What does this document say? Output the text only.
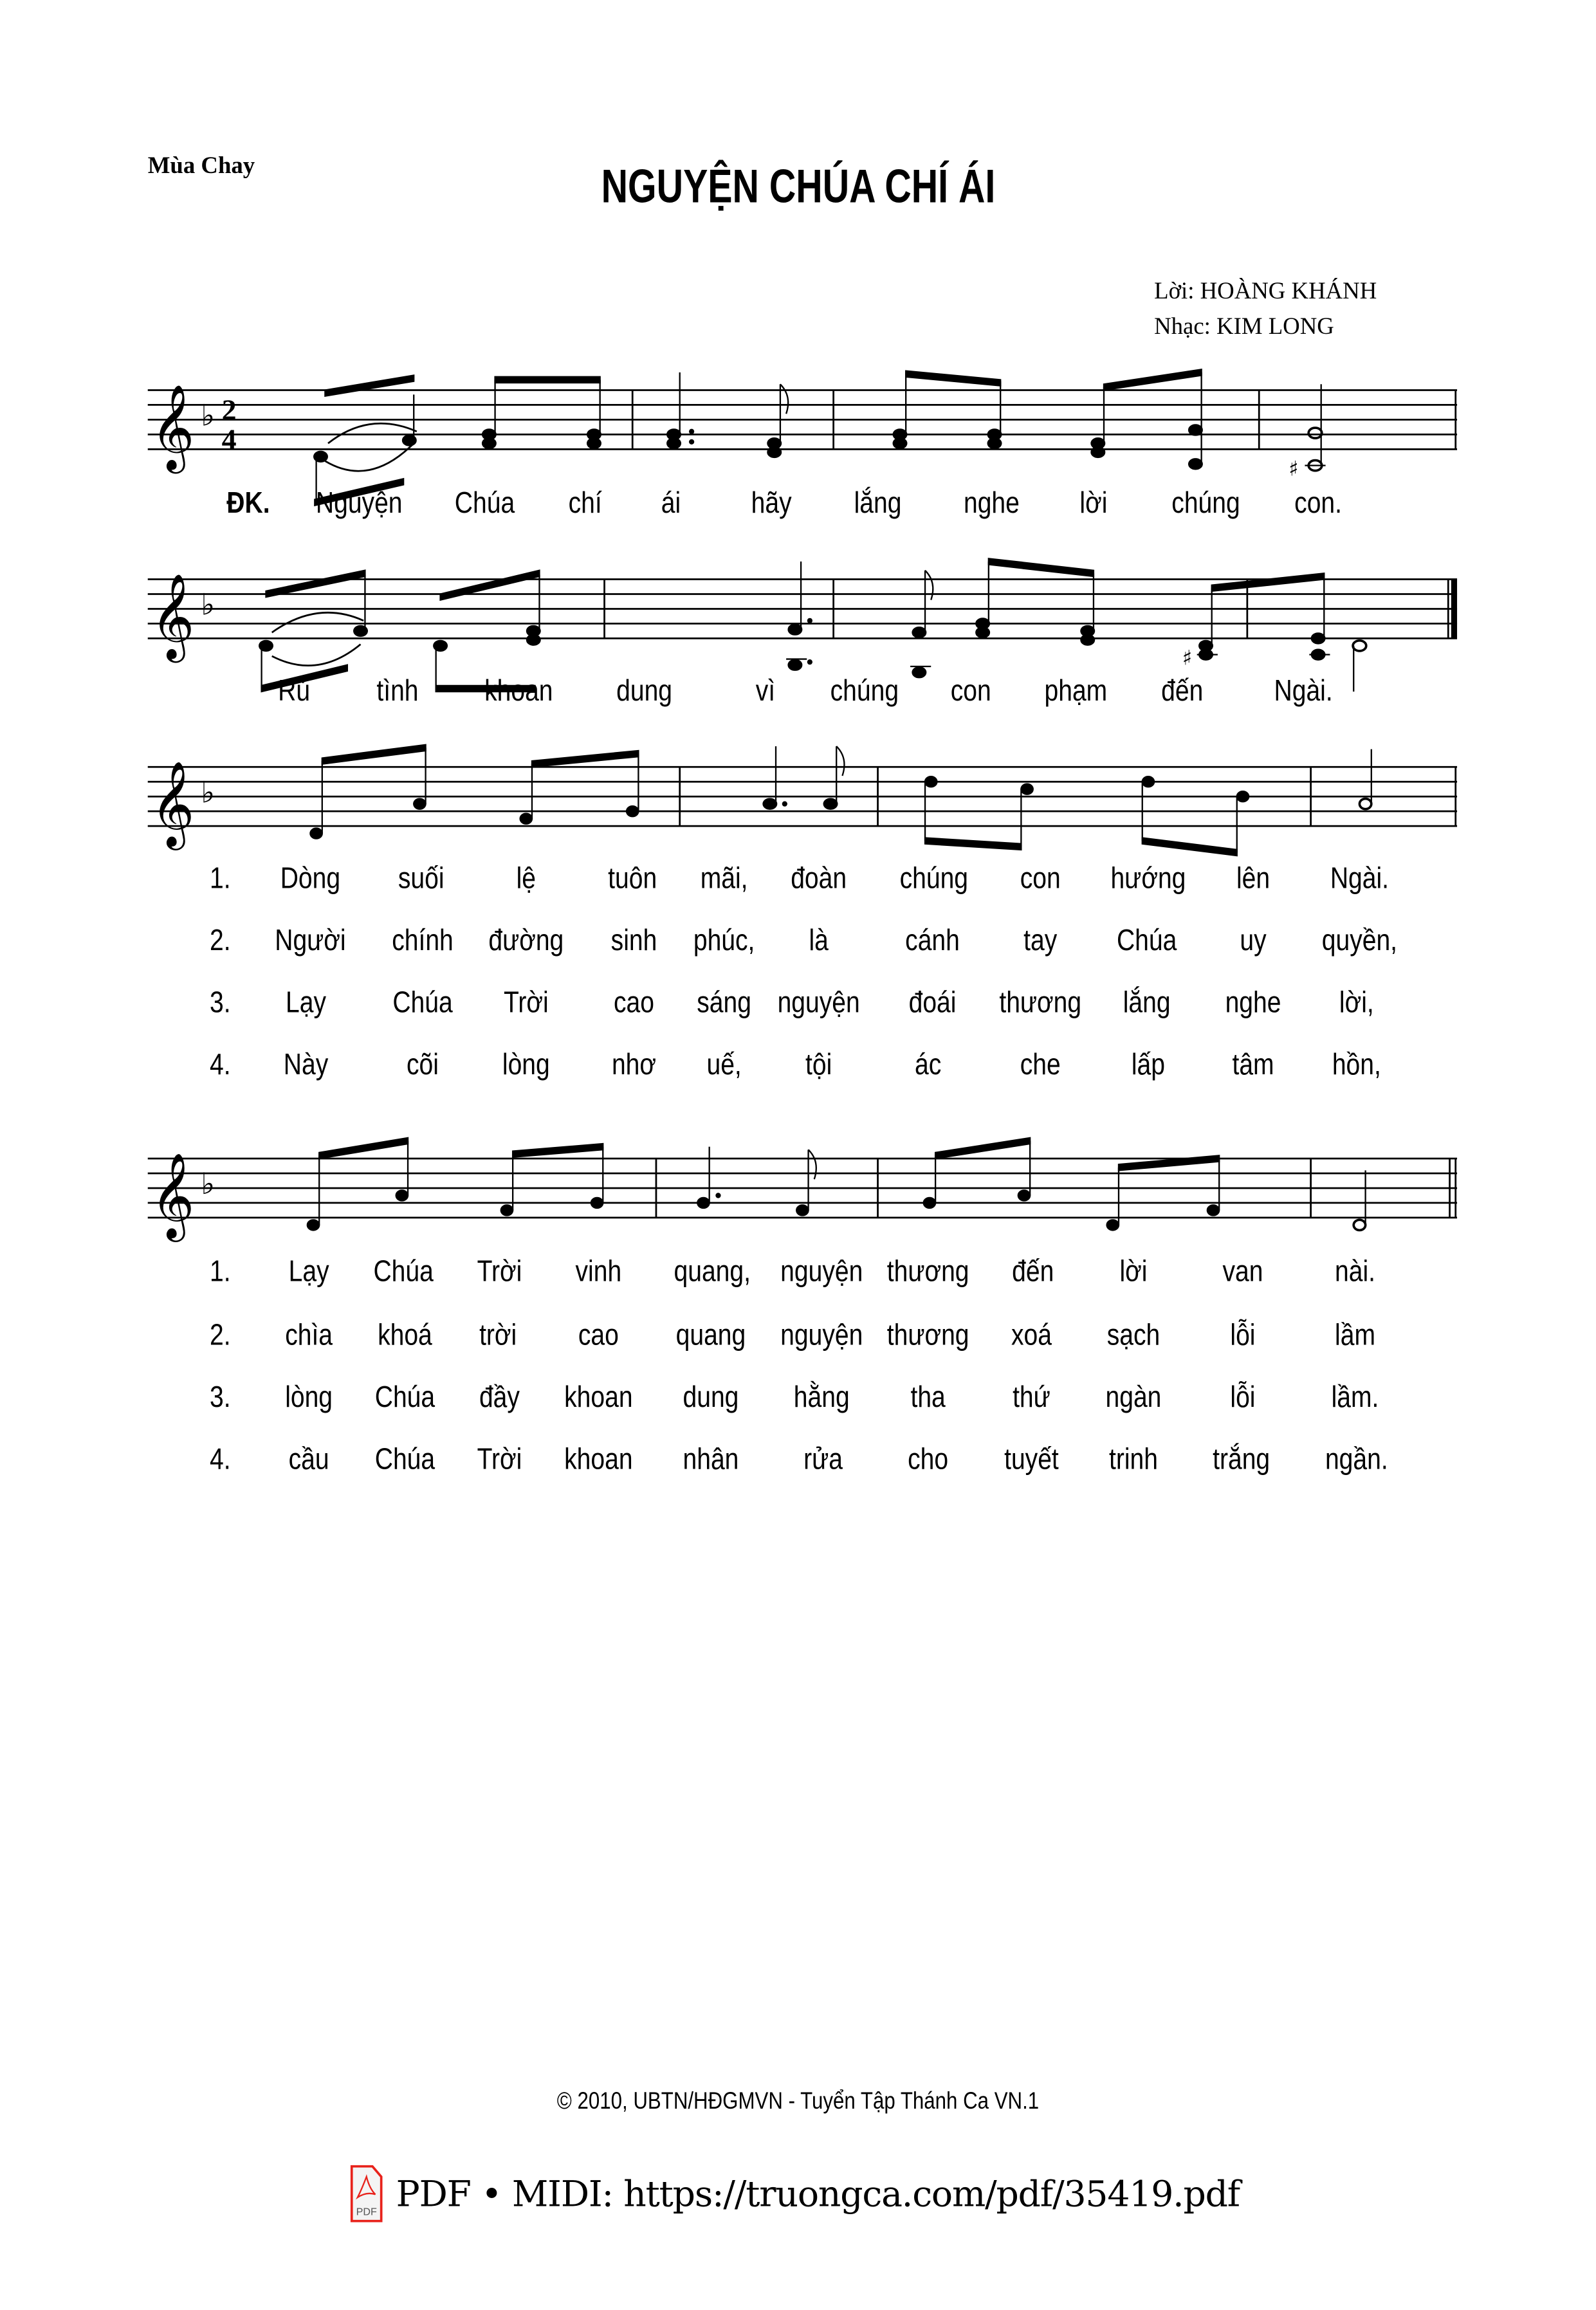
Mùa Chay	NGUYỆN CHÚA CHÍ ÁI
Lời: HOÀNG KHÁNH
Nhạc: KIM LONG
𝄞 ♭ 2
4
♯
ĐK.	Nguyện	Chúa	chí	ái	hãy	lắng	nghe	lời	chúng	con.
𝄞 ♭
♯
Rủ	tình	khoan	dung	vì	chúng	con	phạm	đến	Ngài.
𝄞 ♭
1.	Dòng	suối	lệ	tuôn	mãi,	đoàn	chúng	con	hướng	lên	Ngài.
2.	Người	chính	đường	sinh	phúc,	là	cánh	tay	Chúa	uy	quyền,
3.	Lạy	Chúa	Trời	cao	sáng nguyện	đoái	thương	lắng	nghe	lời,
4.	Này	cõi	lòng	nhơ	uế,	tội	ác	che	lấp	tâm	hồn,
𝄞 ♭
1.	Lạy	Chúa	Trời	vinh	quang, nguyện thương	đến	lời	van	nài.
2.	chìa	khoá	trời	cao	quang	nguyện thương	xoá	sạch	lỗi	lầm
3.	lòng	Chúa	đầy	khoan	dung	hằng	tha	thứ	ngàn	lỗi	lầm.
4.	cầu	Chúa	Trời	khoan	nhân	rửa	cho	tuyết	trinh	trắng	ngần.
© 2010, UBTN/HĐGMVN - Tuyển Tập Thánh Ca VN.1
PDF PDF • MIDI: https://truongca.com/pdf/35419.pdf
